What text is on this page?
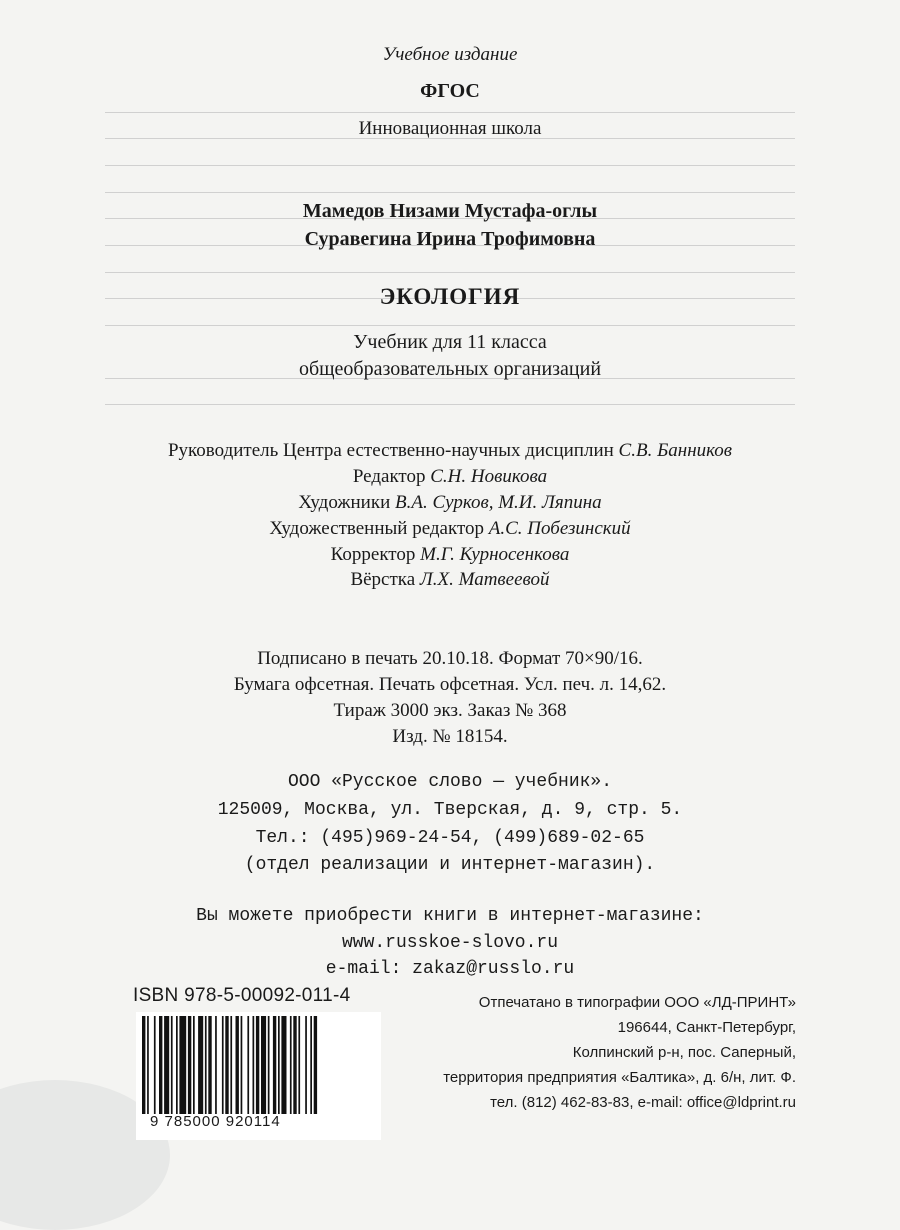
Учебное издание
ФГОС
Инновационная школа
Мамедов Низами Мустафа-оглы
Суравегина Ирина Трофимовна
ЭКОЛОГИЯ
Учебник для 11 класса
общеобразовательных организаций
Руководитель Центра естественно-научных дисциплин С.В. Банников
Редактор С.Н. Новикова
Художники В.А. Сурков, М.И. Ляпина
Художественный редактор А.С. Побезинский
Корректор М.Г. Курносенкова
Вёрстка Л.Х. Матвеевой
Подписано в печать 20.10.18. Формат 70×90/16.
Бумага офсетная. Печать офсетная. Усл. печ. л. 14,62.
Тираж 3000 экз. Заказ № 368
Изд. № 18154.
ООО «Русское слово — учебник».
125009, Москва, ул. Тверская, д. 9, стр. 5.
Тел.: (495)969-24-54, (499)689-02-65
(отдел реализации и интернет-магазин).
Вы можете приобрести книги в интернет-магазине:
www.russkoe-slovo.ru
e-mail: zakaz@russlo.ru
ISBN 978-5-00092-011-4
9 785000 920114
Отпечатано в типографии ООО «ЛД-ПРИНТ»
196644, Санкт-Петербург,
Колпинский р-н, пос. Саперный,
территория предприятия «Балтика», д. 6/н, лит. Ф.
тел. (812) 462-83-83, e-mail: office@ldprint.ru
